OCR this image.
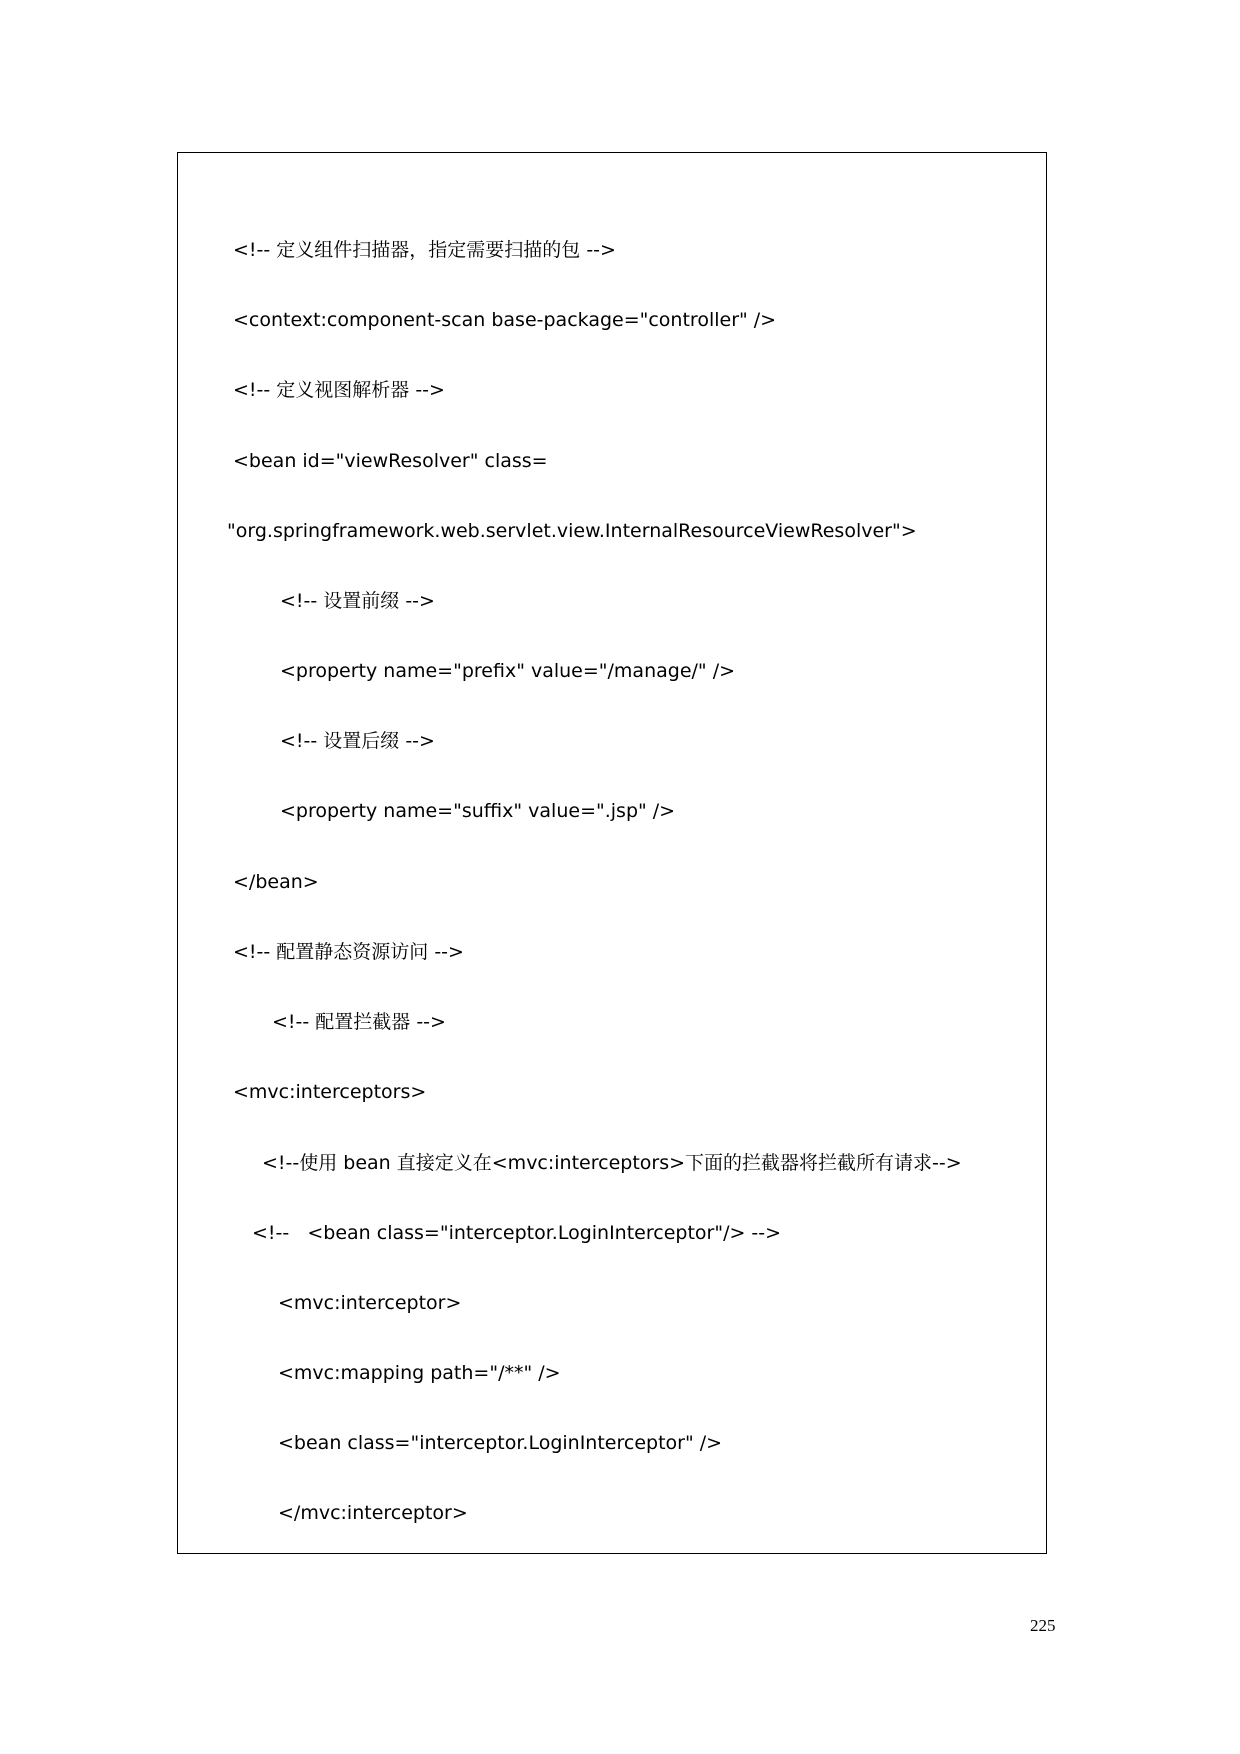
<!-- 定义组件扫描器，指定需要扫描的包 -->
<context:component-scan base-package="controller" />
<!-- 定义视图解析器 -->
<bean id="viewResolver" class=
"org.springframework.web.servlet.view.InternalResourceViewResolver">
<!-- 设置前缀 -->
<property name="prefix" value="/manage/" />
<!-- 设置后缀 -->
<property name="suffix" value=".jsp" />
</bean>
<!-- 配置静态资源访问 -->
<!-- 配置拦截器 -->
<mvc:interceptors>
<!--使用 bean 直接定义在<mvc:interceptors>下面的拦截器将拦截所有请求-->
<!--   <bean class="interceptor.LoginInterceptor"/> -->
<mvc:interceptor>
<mvc:mapping path="/**" />
<bean class="interceptor.LoginInterceptor" />
</mvc:interceptor>
225
